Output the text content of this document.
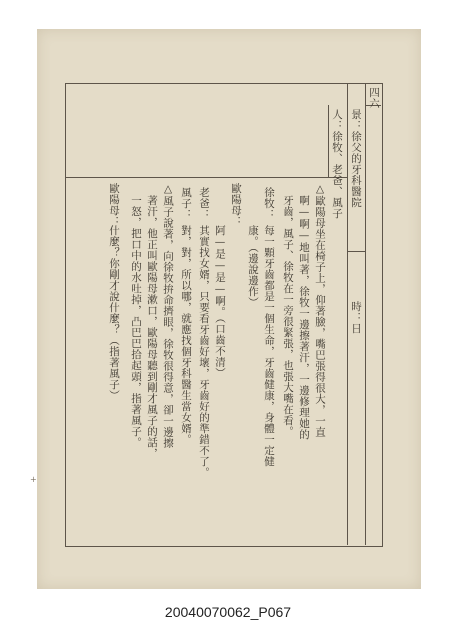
四六
景：徐父的牙科醫院
時：日
人：徐牧、老爸、風子
△歐陽母坐在椅子上，仰著臉，嘴巴張得很大，一直
啊—啊—地叫著，徐牧一邊擦著汗，一邊修理她的
牙齒，風子、徐牧在一旁很緊張，也張大嘴在看。
徐牧：
每一顆牙齒都是一個生命，牙齒健康，身體一定健
康。（邊說邊作）
歐陽母：
阿—是—是—啊。（口齒不清）
老爸：
其實找女婿，只要看牙齒好壞，牙齒好的準錯不了。
風子：
對，對，所以哪，就應找個牙科醫生當女婿。
△風子說著，向徐牧拚命擠眼，徐牧很得意，卻一邊擦
著汗，他正叫歐陽母漱口，歐陽母聽到剛才風子的話，
一怒，把口中的水吐掉，凸巴巴拾起頭，指著風子。
歐陽母：
什麼？你剛才說什麼？（指著風子）
+
20040070062_P067
